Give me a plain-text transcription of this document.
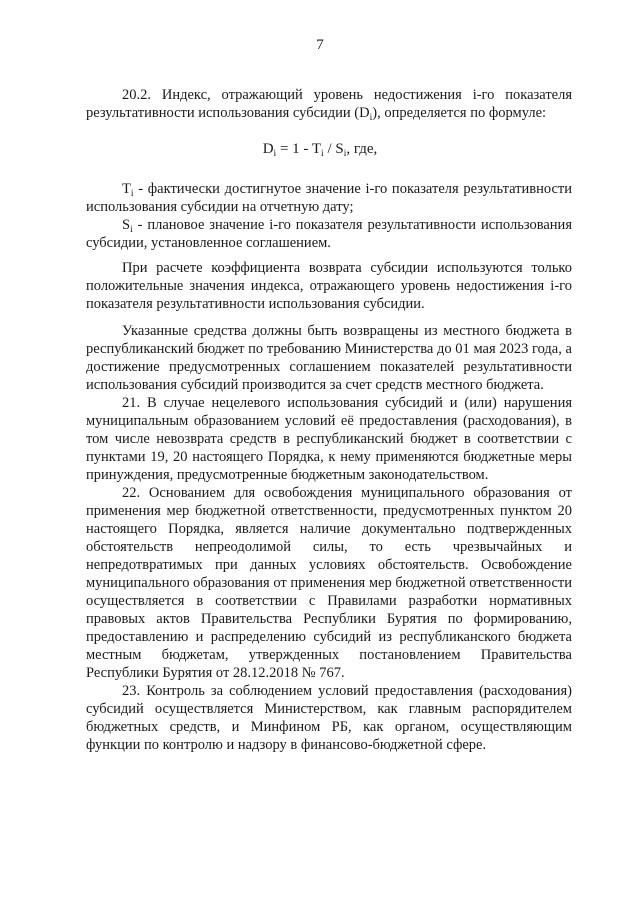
7

20.2. Индекс, отражающий уровень недостижения i-го показателя результативности использования субсидии $(D_i)$, определяется по формуле:

$D_i = 1 - T_i / S_i$, где,

$T_i$ - фактически достигнутое значение i-го показателя результативности использования субсидии на отчетную дату;

$S_i$ - плановое значение i-го показателя результативности использования субсидии, установленное соглашением.

При расчете коэффициента возврата субсидии используются только положительные значения индекса, отражающего уровень недостижения i-го показателя результативности использования субсидии.

Указанные средства должны быть возвращены из местного бюджета в республиканский бюджет по требованию Министерства до 01 мая 2023 года, а достижение предусмотренных соглашением показателей результативности использования субсидий производится за счет средств местного бюджета.

21. В случае нецелевого использования субсидий и (или) нарушения муниципальным образованием условий её предоставления (расходования), в том числе невозврата средств в республиканский бюджет в соответствии с пунктами 19, 20 настоящего Порядка, к нему применяются бюджетные меры принуждения, предусмотренные бюджетным законодательством.

22. Основанием для освобождения муниципального образования от применения мер бюджетной ответственности, предусмотренных пунктом 20 настоящего Порядка, является наличие документально подтвержденных обстоятельств непреодолимой силы, то есть чрезвычайных и непредотвратимых при данных условиях обстоятельств. Освобождение муниципального образования от применения мер бюджетной ответственности осуществляется в соответствии с Правилами разработки нормативных правовых актов Правительства Республики Бурятия по формированию, предоставлению и распределению субсидий из республиканского бюджета местным бюджетам, утвержденных постановлением Правительства Республики Бурятия от 28.12.2018 № 767.

23. Контроль за соблюдением условий предоставления (расходования) субсидий осуществляется Министерством, как главным распорядителем бюджетных средств, и Минфином РБ, как органом, осуществляющим функции по контролю и надзору в финансово-бюджетной сфере.
